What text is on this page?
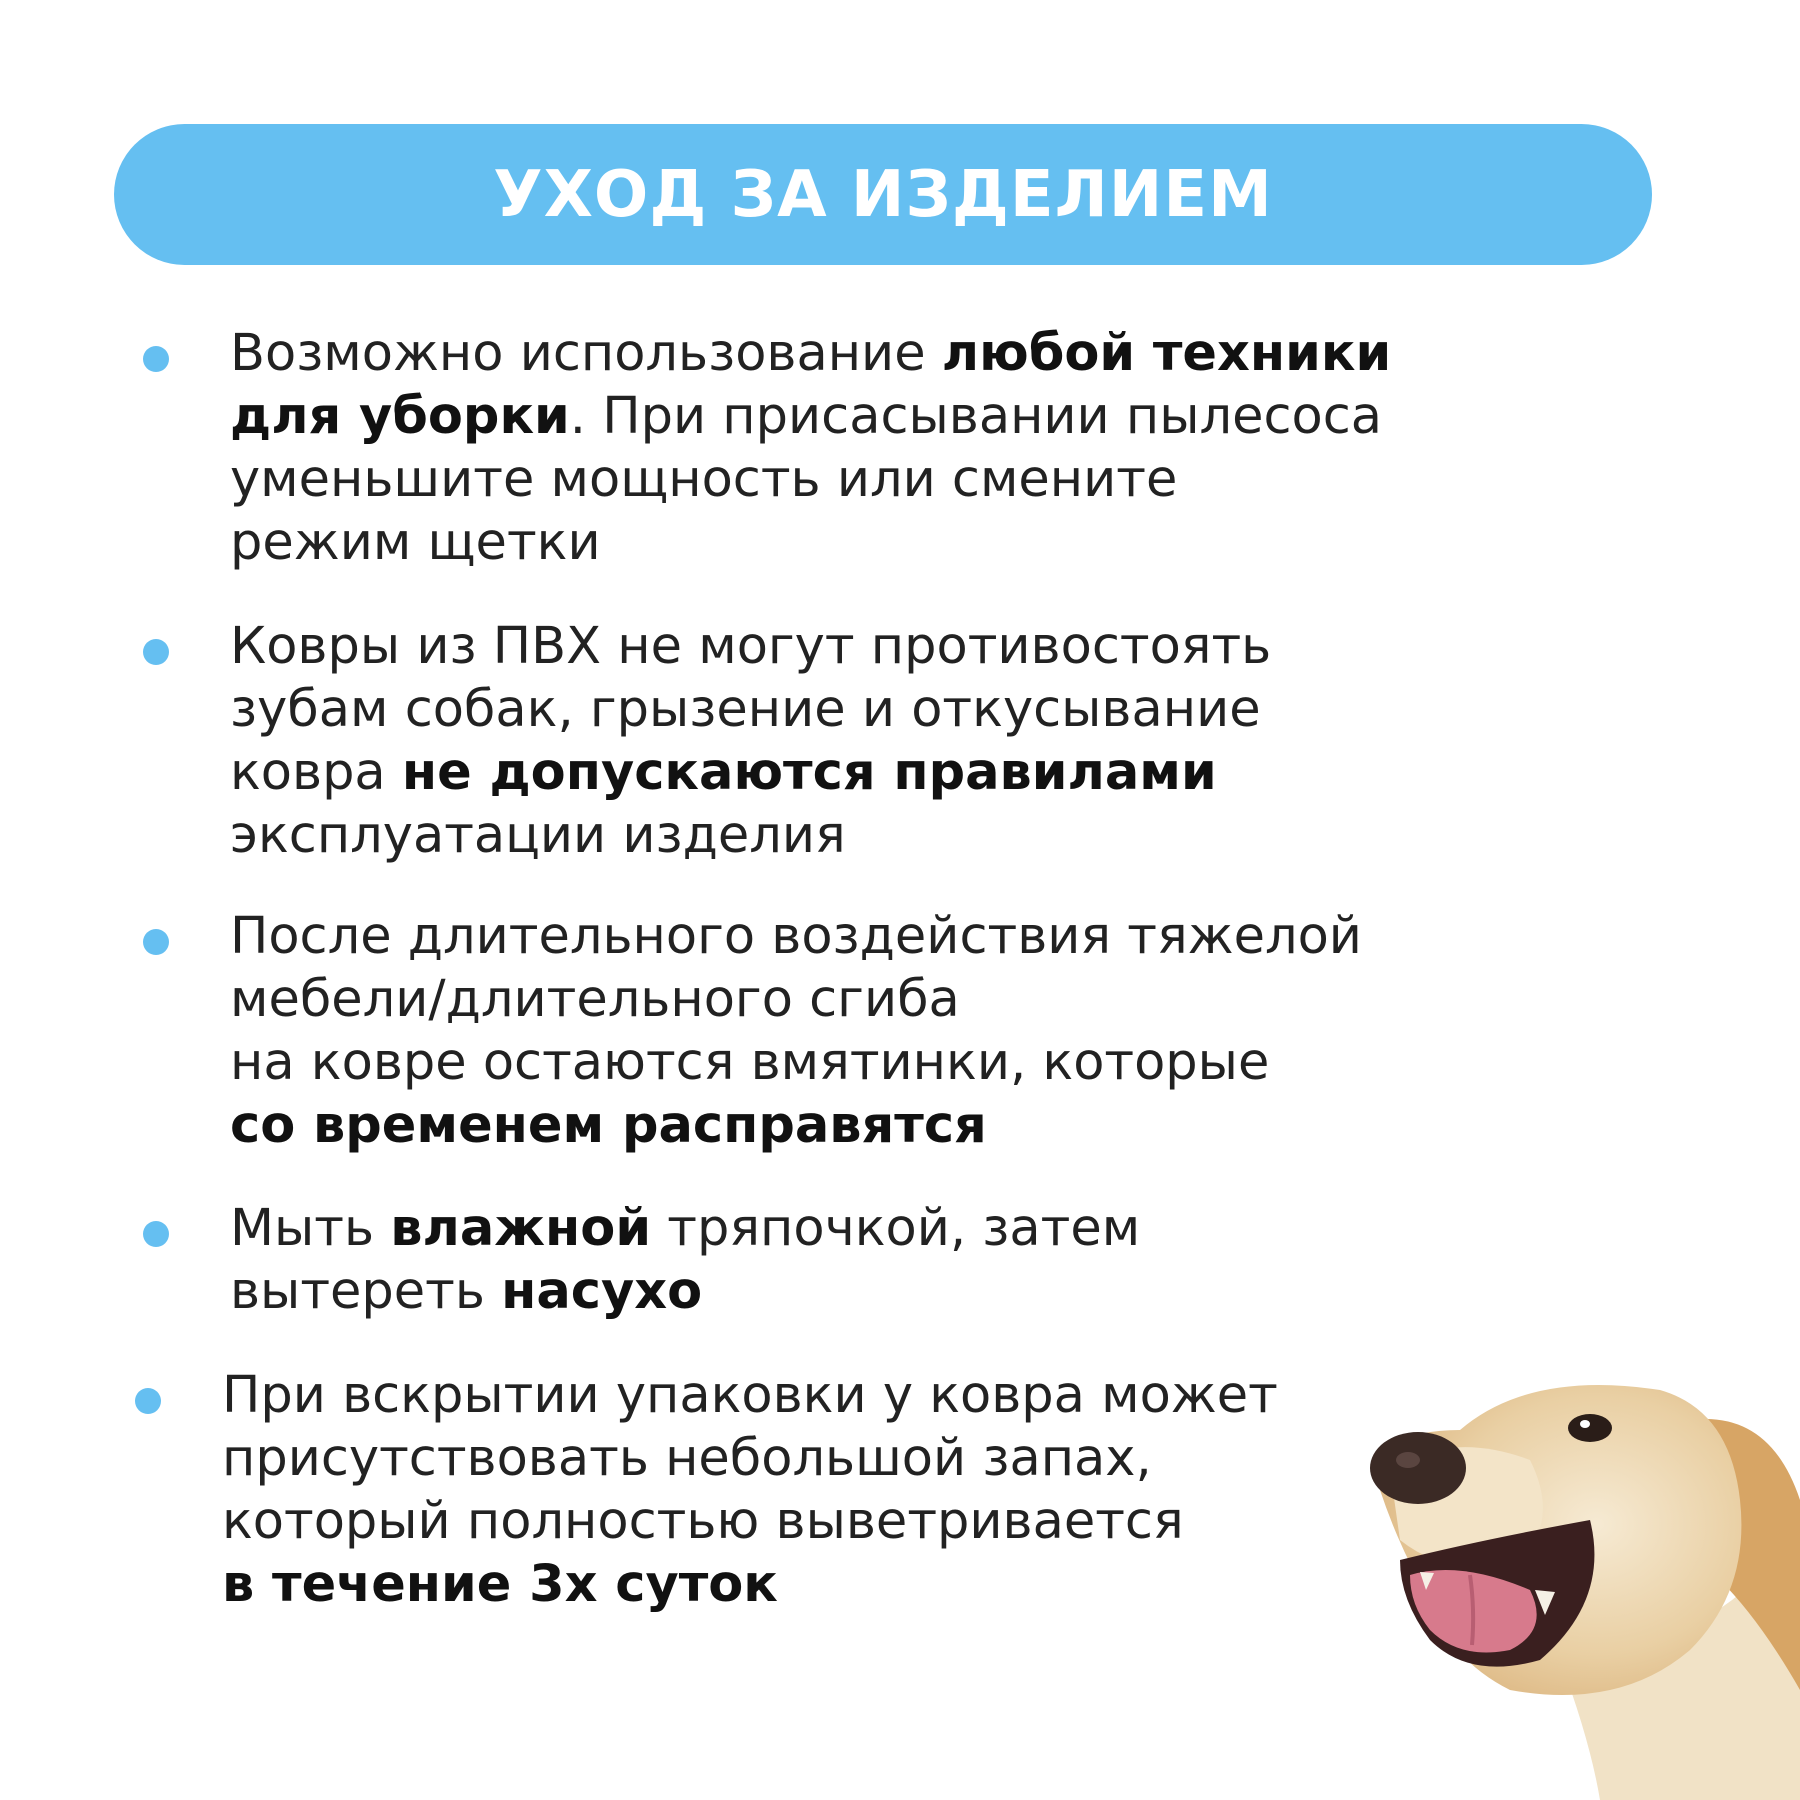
УХОД ЗА ИЗДЕЛИЕМ
Возможно использование любой техники
для уборки. При присасывании пылесоса
уменьшите мощность или смените
режим щетки
Ковры из ПВХ не могут противостоять
зубам собак, грызение и откусывание
ковра не допускаются правилами
эксплуатации изделия
После длительного воздействия тяжелой
мебели/длительного сгиба
на ковре остаются вмятинки, которые
со временем расправятся
Мыть влажной тряпочкой, затем
вытереть насухо
При вскрытии упаковки у ковра может
присутствовать небольшой запах,
который полностью выветривается
в течение 3х суток
